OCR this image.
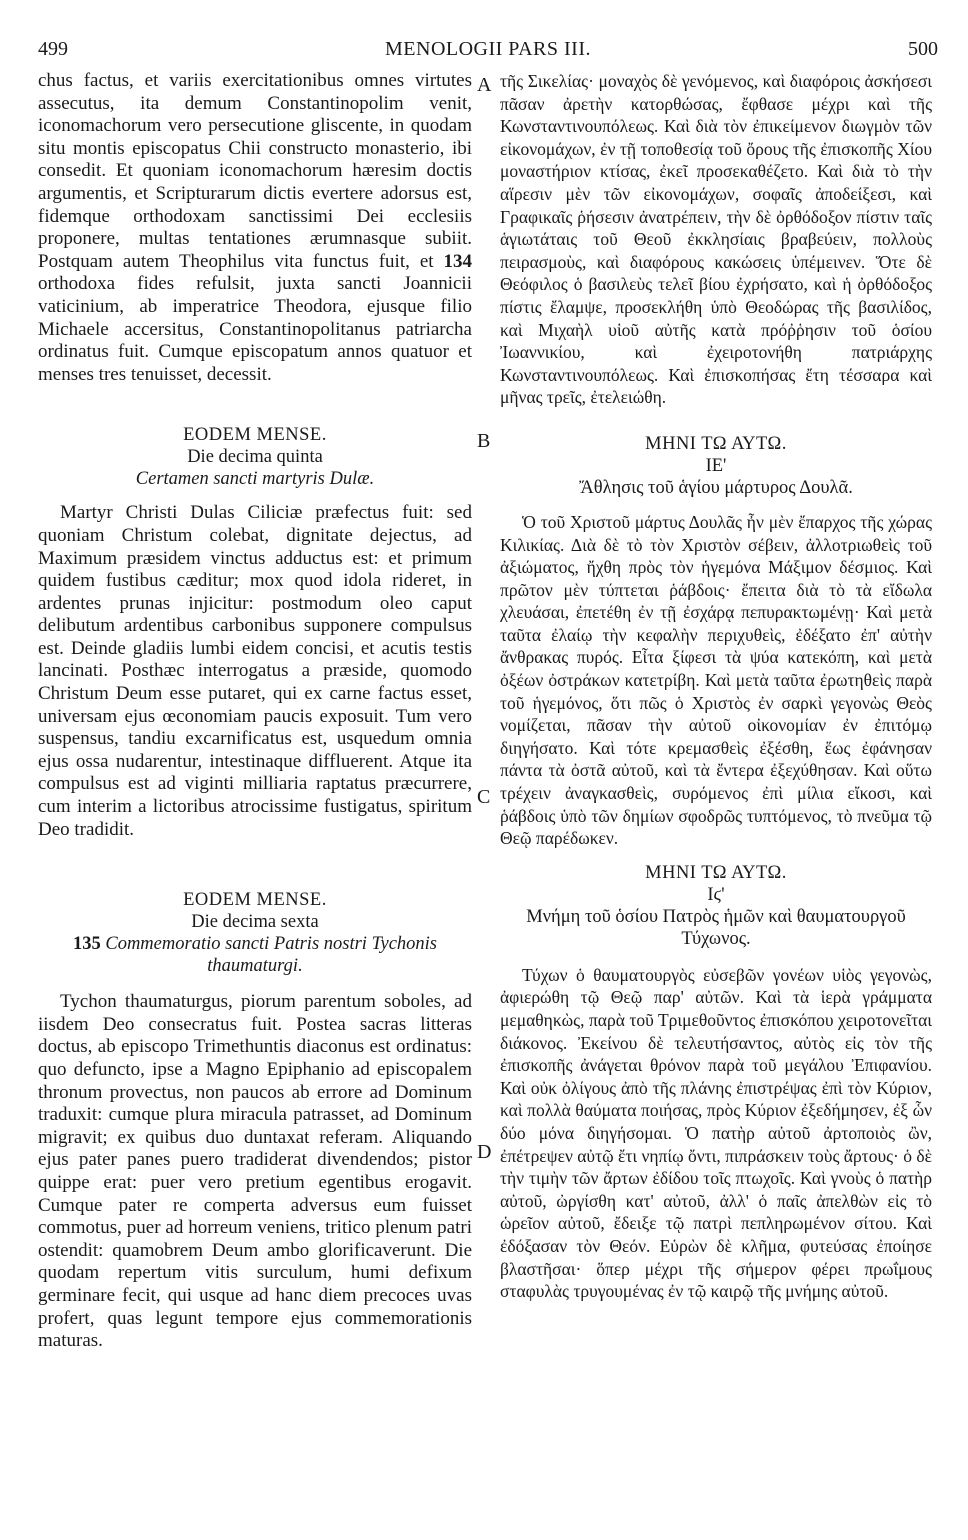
499	MENOLOGII PARS III.	500
A
B
C
D

chus factus, et variis exercitationibus omnes virtutes assecutus, ita demum Constantinopolim venit, iconomachorum vero persecutione gliscente, in quodam situ montis episcopatus Chii constructo monasterio, ibi consedit. Et quoniam iconomachorum hæresim doctis argumentis, et Scripturarum dictis evertere adorsus est, fidemque orthodoxam sanctissimi Dei ecclesiis proponere, multas tentationes ærumnasque subiit. Postquam autem Theophilus vita functus fuit, et 134 orthodoxa fides refulsit, juxta sancti Joannicii vaticinium, ab imperatrice Theodora, ejusque filio Michaele accersitus, Constantinopolitanus patriarcha ordinatus fuit. Cumque episcopatum annos quatuor et menses tres tenuisset, decessit.

EODEM MENSE.
Die decima quinta
Certamen sancti martyris Dulæ.

Martyr Christi Dulas Ciliciæ præfectus fuit: sed quoniam Christum colebat, dignitate dejectus, ad Maximum præsidem vinctus adductus est: et primum quidem fustibus cæditur; mox quod idola rideret, in ardentes prunas injicitur: postmodum oleo caput delibutum ardentibus carbonibus supponere compulsus est. Deinde gladiis lumbi eidem concisi, et acutis testis lancinati. Posthæc interrogatus a præside, quomodo Christum Deum esse putaret, qui ex carne factus esset, universam ejus œconomiam paucis exposuit. Tum vero suspensus, tandiu excarnificatus est, usquedum omnia ejus ossa nudarentur, intestinaque diffluerent. Atque ita compulsus est ad viginti milliaria raptatus præcurrere, cum interim a lictoribus atrocissime fustigatus, spiritum Deo tradidit.

EODEM MENSE.
Die decima sexta
135 Commemoratio sancti Patris nostri Tychonis thaumaturgi.

Tychon thaumaturgus, piorum parentum soboles, ad iisdem Deo consecratus fuit. Postea sacras litteras doctus, ab episcopo Trimethuntis diaconus est ordinatus: quo defuncto, ipse a Magno Epiphanio ad episcopalem thronum provectus, non paucos ab errore ad Dominum traduxit: cumque plura miracula patrasset, ad Dominum migravit; ex quibus duo duntaxat referam. Aliquando ejus pater panes puero tradiderat divendendos; pistor quippe erat: puer vero pretium egentibus erogavit. Cumque pater re comperta adversus eum fuisset commotus, puer ad horreum veniens, tritico plenum patri ostendit: quamobrem Deum ambo glorificaverunt. Die quodam repertum vitis surculum, humi defixum germinare fecit, qui usque ad hanc diem precoces uvas profert, quas legunt tempore ejus commemorationis maturas.

τῆς Σικελίας· μοναχὸς δὲ γενόμενος, καὶ διαφόροις ἀσκήσεσι πᾶσαν ἀρετὴν κατορθώσας, ἔφθασε μέχρι καὶ τῆς Κωνσταντινουπόλεως. Καὶ διὰ τὸν ἐπικείμενον διωγμὸν τῶν εἰκονομάχων, ἐν τῇ τοποθεσίᾳ τοῦ ὄρους τῆς ἐπισκοπῆς Χίου μοναστήριον κτίσας, ἐκεῖ προσεκαθέζετο. Καὶ διὰ τὸ τὴν αἵρεσιν μὲν τῶν εἰκονομάχων, σοφαῖς ἀποδείξεσι, καὶ Γραφικαῖς ῥήσεσιν ἀνατρέπειν, τὴν δὲ ὀρθόδοξον πίστιν ταῖς ἁγιωτάταις τοῦ Θεοῦ ἐκκλησίαις βραβεύειν, πολλοὺς πειρασμοὺς, καὶ διαφόρους κακώσεις ὑπέμεινεν. Ὅτε δὲ Θεόφιλος ὁ βασιλεὺς τελεῖ βίου ἐχρήσατο, καὶ ἡ ὀρθόδοξος πίστις ἔλαμψε, προσεκλήθη ὑπὸ Θεοδώρας τῆς βασιλίδος, καὶ Μιχαὴλ υἱοῦ αὐτῆς κατὰ πρόῤῥησιν τοῦ ὁσίου Ἰωαννικίου, καὶ ἐχειροτονήθη πατριάρχης Κωνσταντινουπόλεως. Καὶ ἐπισκοπήσας ἔτη τέσσαρα καὶ μῆνας τρεῖς, ἐτελειώθη.

ΜΗΝΙ ΤΩ ΑΥΤΩ.
ΙΕ'
Ἄθλησις τοῦ ἁγίου μάρτυρος Δουλᾶ.

Ὁ τοῦ Χριστοῦ μάρτυς Δουλᾶς ἦν μὲν ἔπαρχος τῆς χώρας Κιλικίας. Διὰ δὲ τὸ τὸν Χριστὸν σέβειν, ἀλλοτριωθεὶς τοῦ ἀξιώματος, ἤχθη πρὸς τὸν ἡγεμόνα Μάξιμον δέσμιος. Καὶ πρῶτον μὲν τύπτεται ῥάβδοις· ἔπειτα διὰ τὸ τὰ εἴδωλα χλευάσαι, ἐπετέθη ἐν τῇ ἐσχάρᾳ πεπυρακτωμένῃ· Καὶ μετὰ ταῦτα ἐλαίῳ τὴν κεφαλὴν περιχυθεὶς, ἐδέξατο ἐπ' αὐτὴν ἄνθρακας πυρός. Εἶτα ξίφεσι τὰ ψύα κατεκόπη, καὶ μετὰ ὀξέων ὀστράκων κατετρίβη. Καὶ μετὰ ταῦτα ἐρωτηθεὶς παρὰ τοῦ ἡγεμόνος, ὅτι πῶς ὁ Χριστὸς ἐν σαρκὶ γεγονὼς Θεὸς νομίζεται, πᾶσαν τὴν αὐτοῦ οἰκονομίαν ἐν ἐπιτόμῳ διηγήσατο. Καὶ τότε κρεμασθεὶς ἐξέσθη, ἕως ἐφάνησαν πάντα τὰ ὀστᾶ αὐτοῦ, καὶ τὰ ἔντερα ἐξεχύθησαν. Καὶ οὕτω τρέχειν ἀναγκασθεὶς, συρόμενος ἐπὶ μίλια εἴκοσι, καὶ ῥάβδοις ὑπὸ τῶν δημίων σφοδρῶς τυπτόμενος, τὸ πνεῦμα τῷ Θεῷ παρέδωκεν.

ΜΗΝΙ ΤΩ ΑΥΤΩ.
Ιϛ'
Μνήμη τοῦ ὁσίου Πατρὸς ἡμῶν καὶ θαυματουργοῦ Τύχωνος.

Τύχων ὁ θαυματουργὸς εὐσεβῶν γονέων υἱὸς γεγονὼς, ἀφιερώθη τῷ Θεῷ παρ' αὐτῶν. Καὶ τὰ ἱερὰ γράμματα μεμαθηκὼς, παρὰ τοῦ Τριμεθοῦντος ἐπισκόπου χειροτονεῖται διάκονος. Ἐκείνου δὲ τελευτήσαντος, αὐτὸς εἰς τὸν τῆς ἐπισκοπῆς ἀνάγεται θρόνον παρὰ τοῦ μεγάλου Ἐπιφανίου. Καὶ οὐκ ὀλίγους ἀπὸ τῆς πλάνης ἐπιστρέψας ἐπὶ τὸν Κύριον, καὶ πολλὰ θαύματα ποιήσας, πρὸς Κύριον ἐξεδήμησεν, ἐξ ὧν δύο μόνα διηγήσομαι. Ὁ πατὴρ αὐτοῦ ἀρτοποιὸς ὢν, ἐπέτρεψεν αὐτῷ ἔτι νηπίῳ ὄντι, πιπράσκειν τοὺς ἄρτους· ὁ δὲ τὴν τιμὴν τῶν ἄρτων ἐδίδου τοῖς πτωχοῖς. Καὶ γνοὺς ὁ πατὴρ αὐτοῦ, ὠργίσθη κατ' αὐτοῦ, ἀλλ' ὁ παῖς ἀπελθὼν εἰς τὸ ὡρεῖον αὐτοῦ, ἔδειξε τῷ πατρὶ πεπληρωμένον σίτου. Καὶ ἐδόξασαν τὸν Θεόν. Εὑρὼν δὲ κλῆμα, φυτεύσας ἐποίησε βλαστῆσαι· ὅπερ μέχρι τῆς σήμερον φέρει πρωΐμους σταφυλὰς τρυγουμένας ἐν τῷ καιρῷ τῆς μνήμης αὐτοῦ.
